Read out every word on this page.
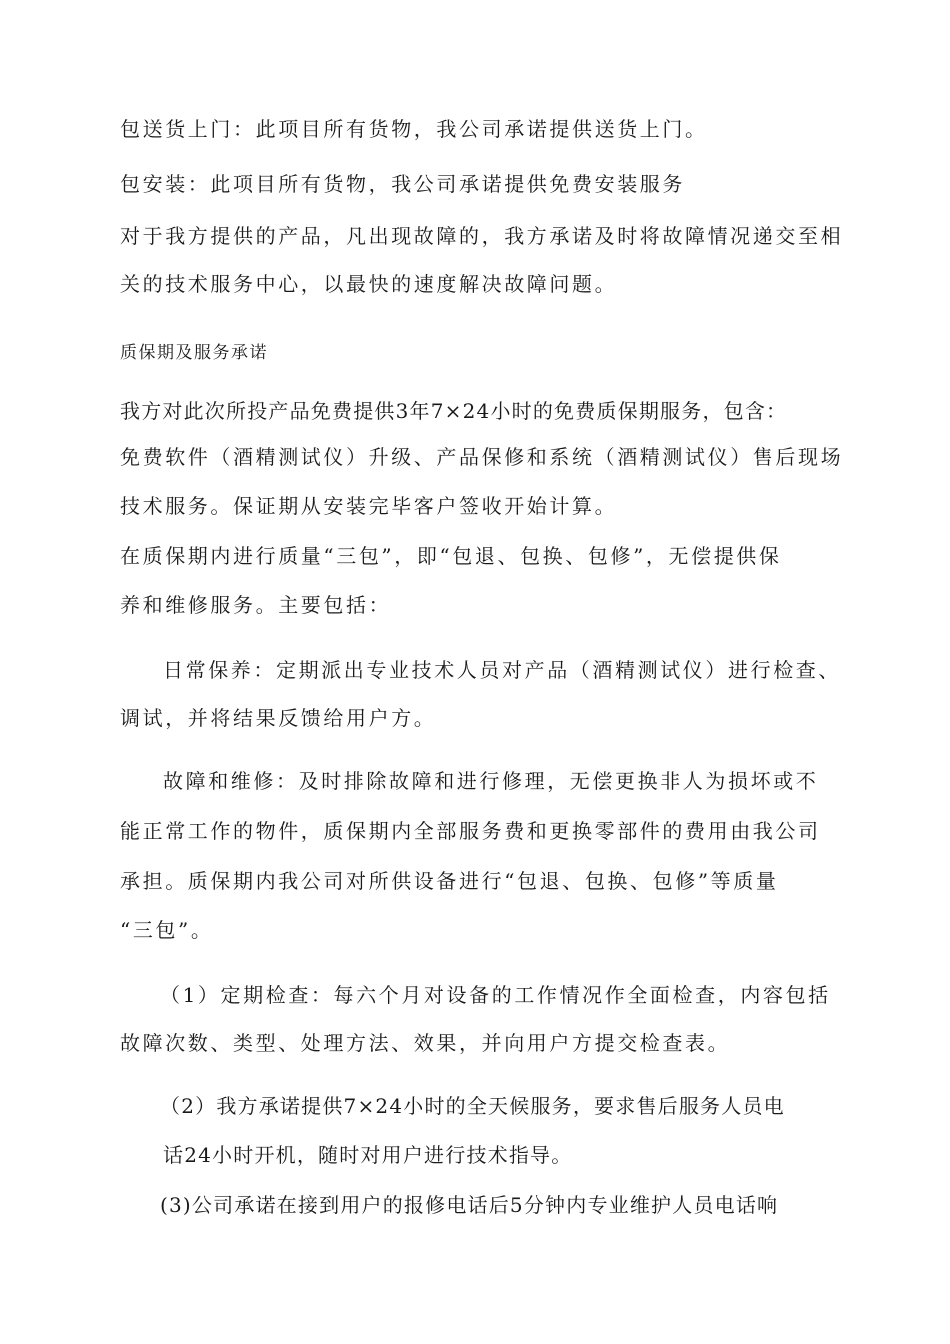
包送货上门：此项目所有货物，我公司承诺提供送货上门。
包安装：此项目所有货物，我公司承诺提供免费安装服务
对于我方提供的产品，凡出现故障的，我方承诺及时将故障情况递交至相
关的技术服务中心，以最快的速度解决故障问题。
质保期及服务承诺
我方对此次所投产品免费提供3年7×24小时的免费质保期服务，包含：
免费软件（酒精测试仪）升级、产品保修和系统（酒精测试仪）售后现场
技术服务。保证期从安装完毕客户签收开始计算。
在质保期内进行质量“三包”，即“包退、包换、包修”，无偿提供保
养和维修服务。主要包括：
日常保养：定期派出专业技术人员对产品（酒精测试仪）进行检查、
调试，并将结果反馈给用户方。
故障和维修：及时排除故障和进行修理，无偿更换非人为损坏或不
能正常工作的物件，质保期内全部服务费和更换零部件的费用由我公司
承担。质保期内我公司对所供设备进行“包退、包换、包修”等质量
“三包”。
（1）定期检查：每六个月对设备的工作情况作全面检查，内容包括
故障次数、类型、处理方法、效果，并向用户方提交检查表。
（2）我方承诺提供7×24小时的全天候服务，要求售后服务人员电
话24小时开机，随时对用户进行技术指导。
(3)公司承诺在接到用户的报修电话后5分钟内专业维护人员电话响
